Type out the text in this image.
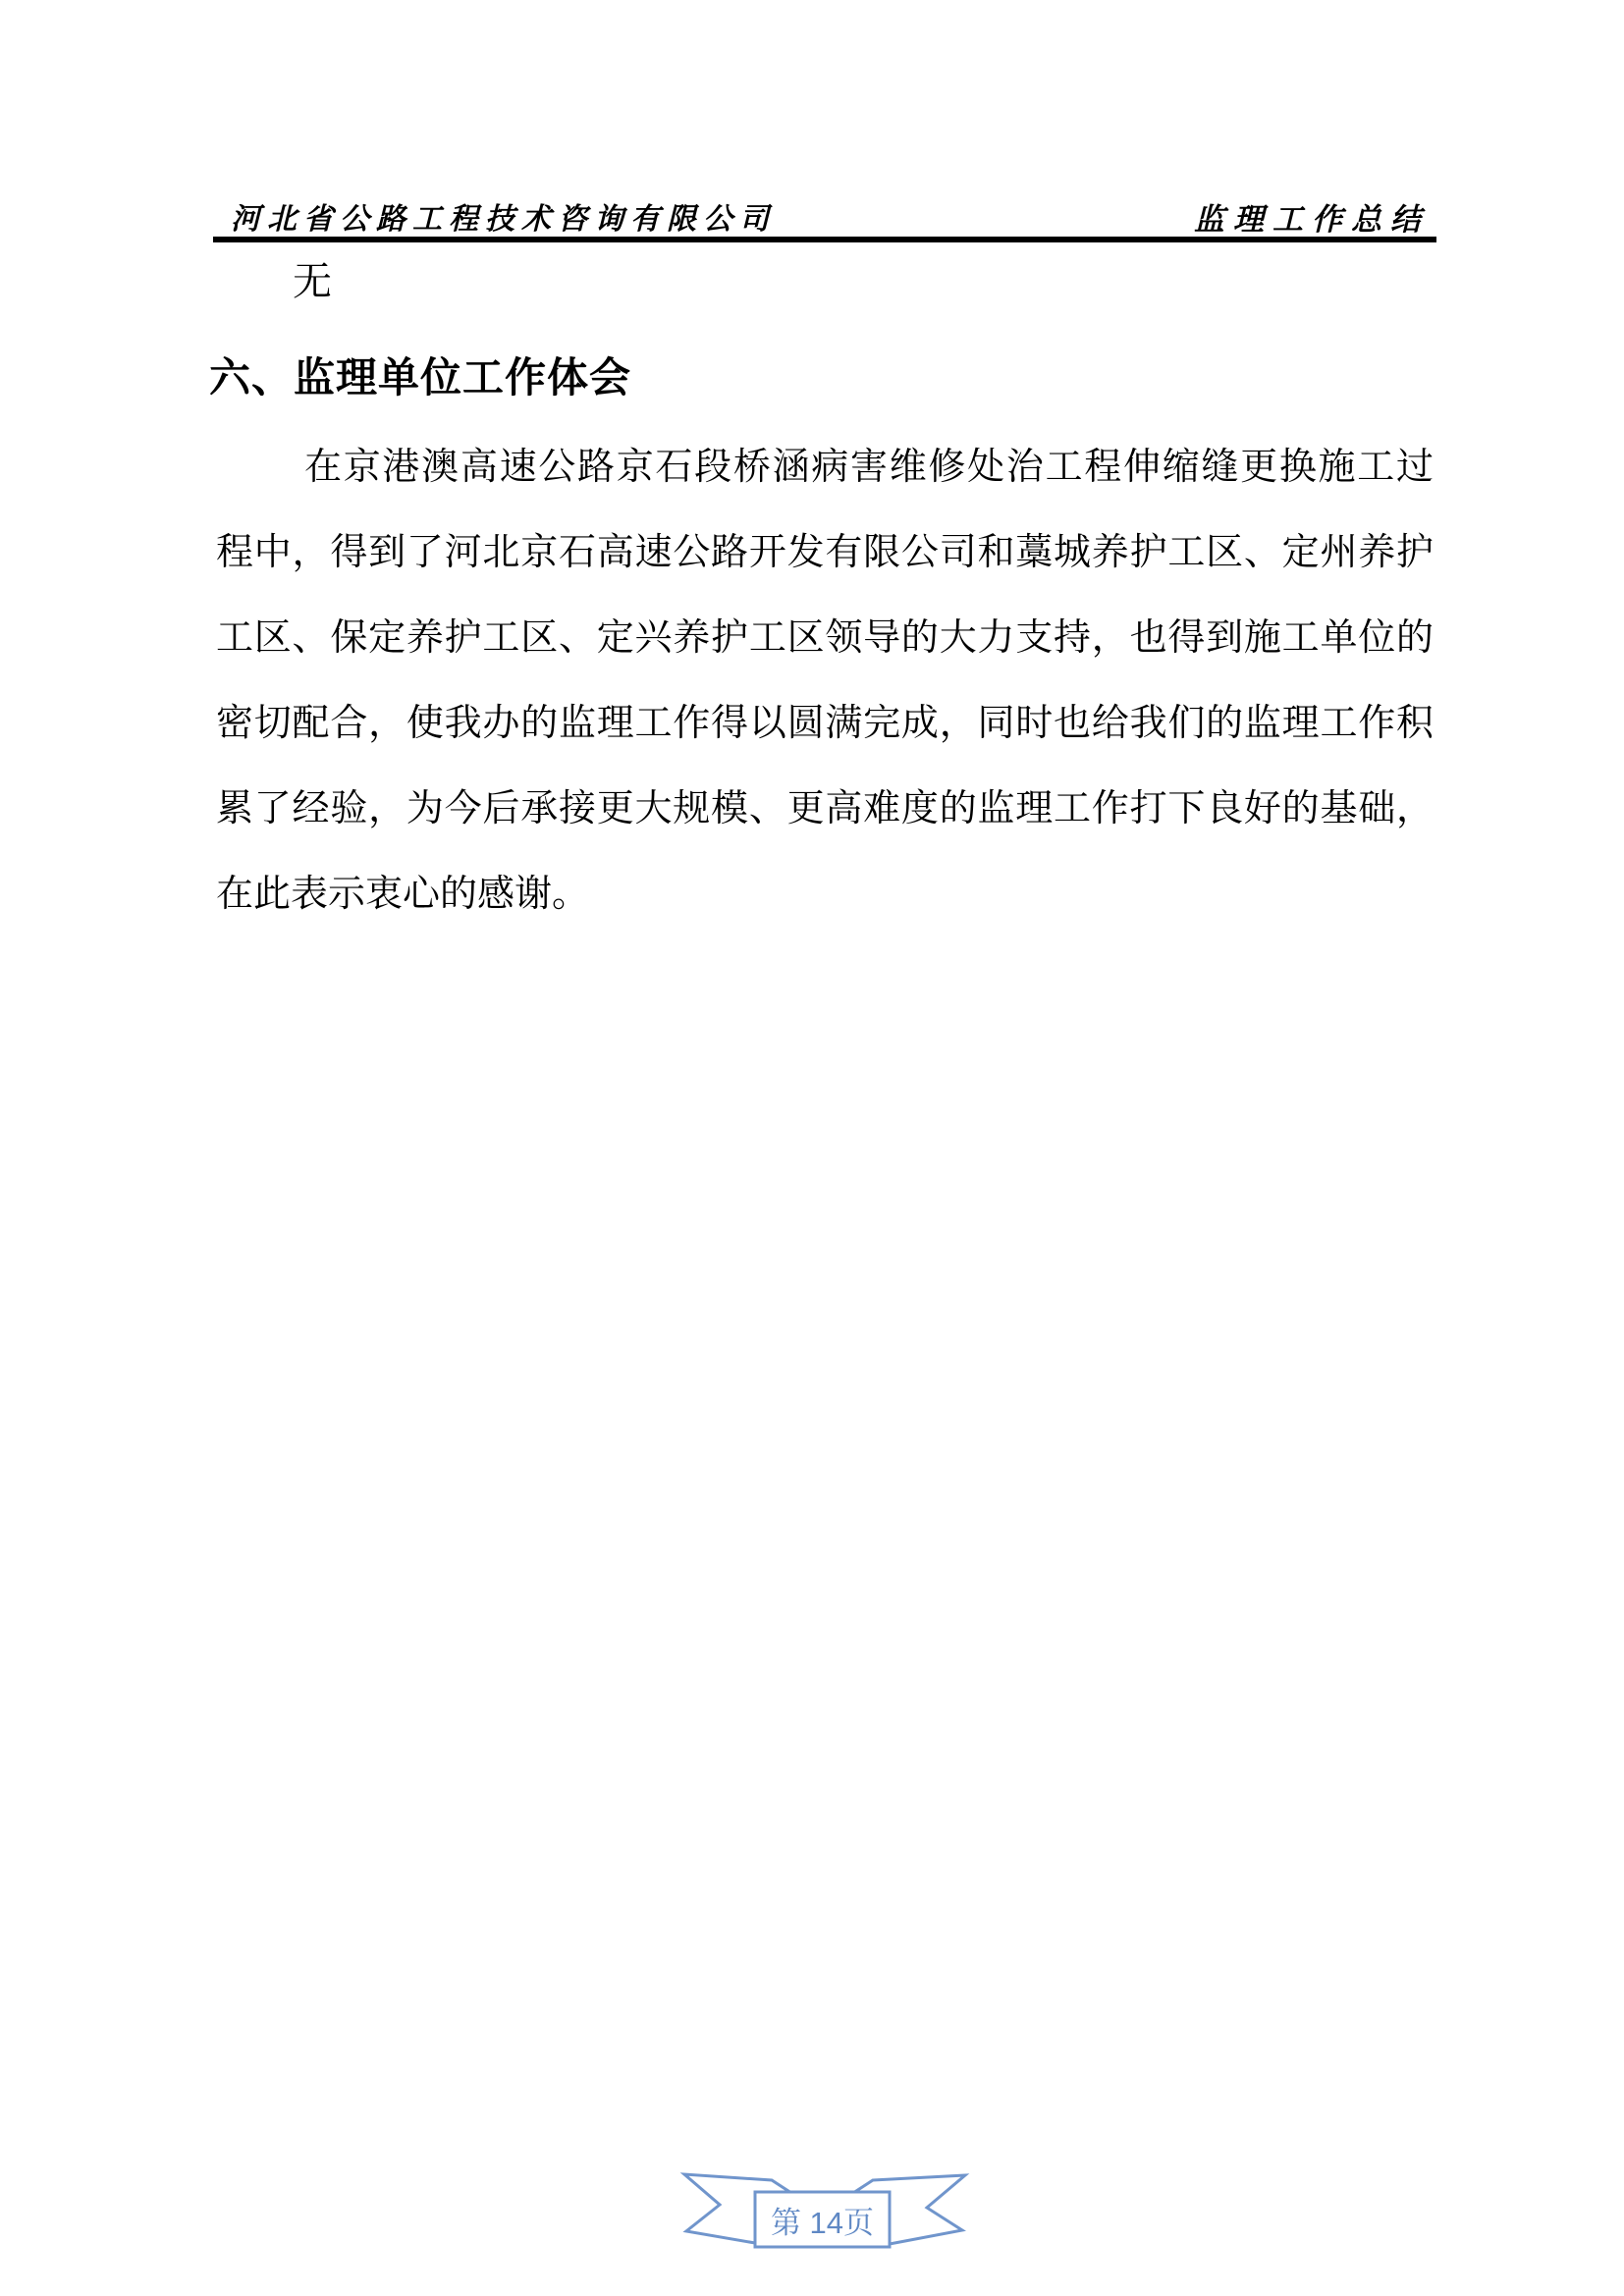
河北省公路工程技术咨询有限公司	监理工作总结
无
六、监理单位工作体会
在京港澳高速公路京石段桥涵病害维修处治工程伸缩缝更换施工过
程中，得到了河北京石高速公路开发有限公司和藁城养护工区、定州养护
工区、保定养护工区、定兴养护工区领导的大力支持，也得到施工单位的
密切配合，使我办的监理工作得以圆满完成，同时也给我们的监理工作积
累了经验，为今后承接更大规模、更高难度的监理工作打下良好的基础，
在此表示衷心的感谢。
第 14页
